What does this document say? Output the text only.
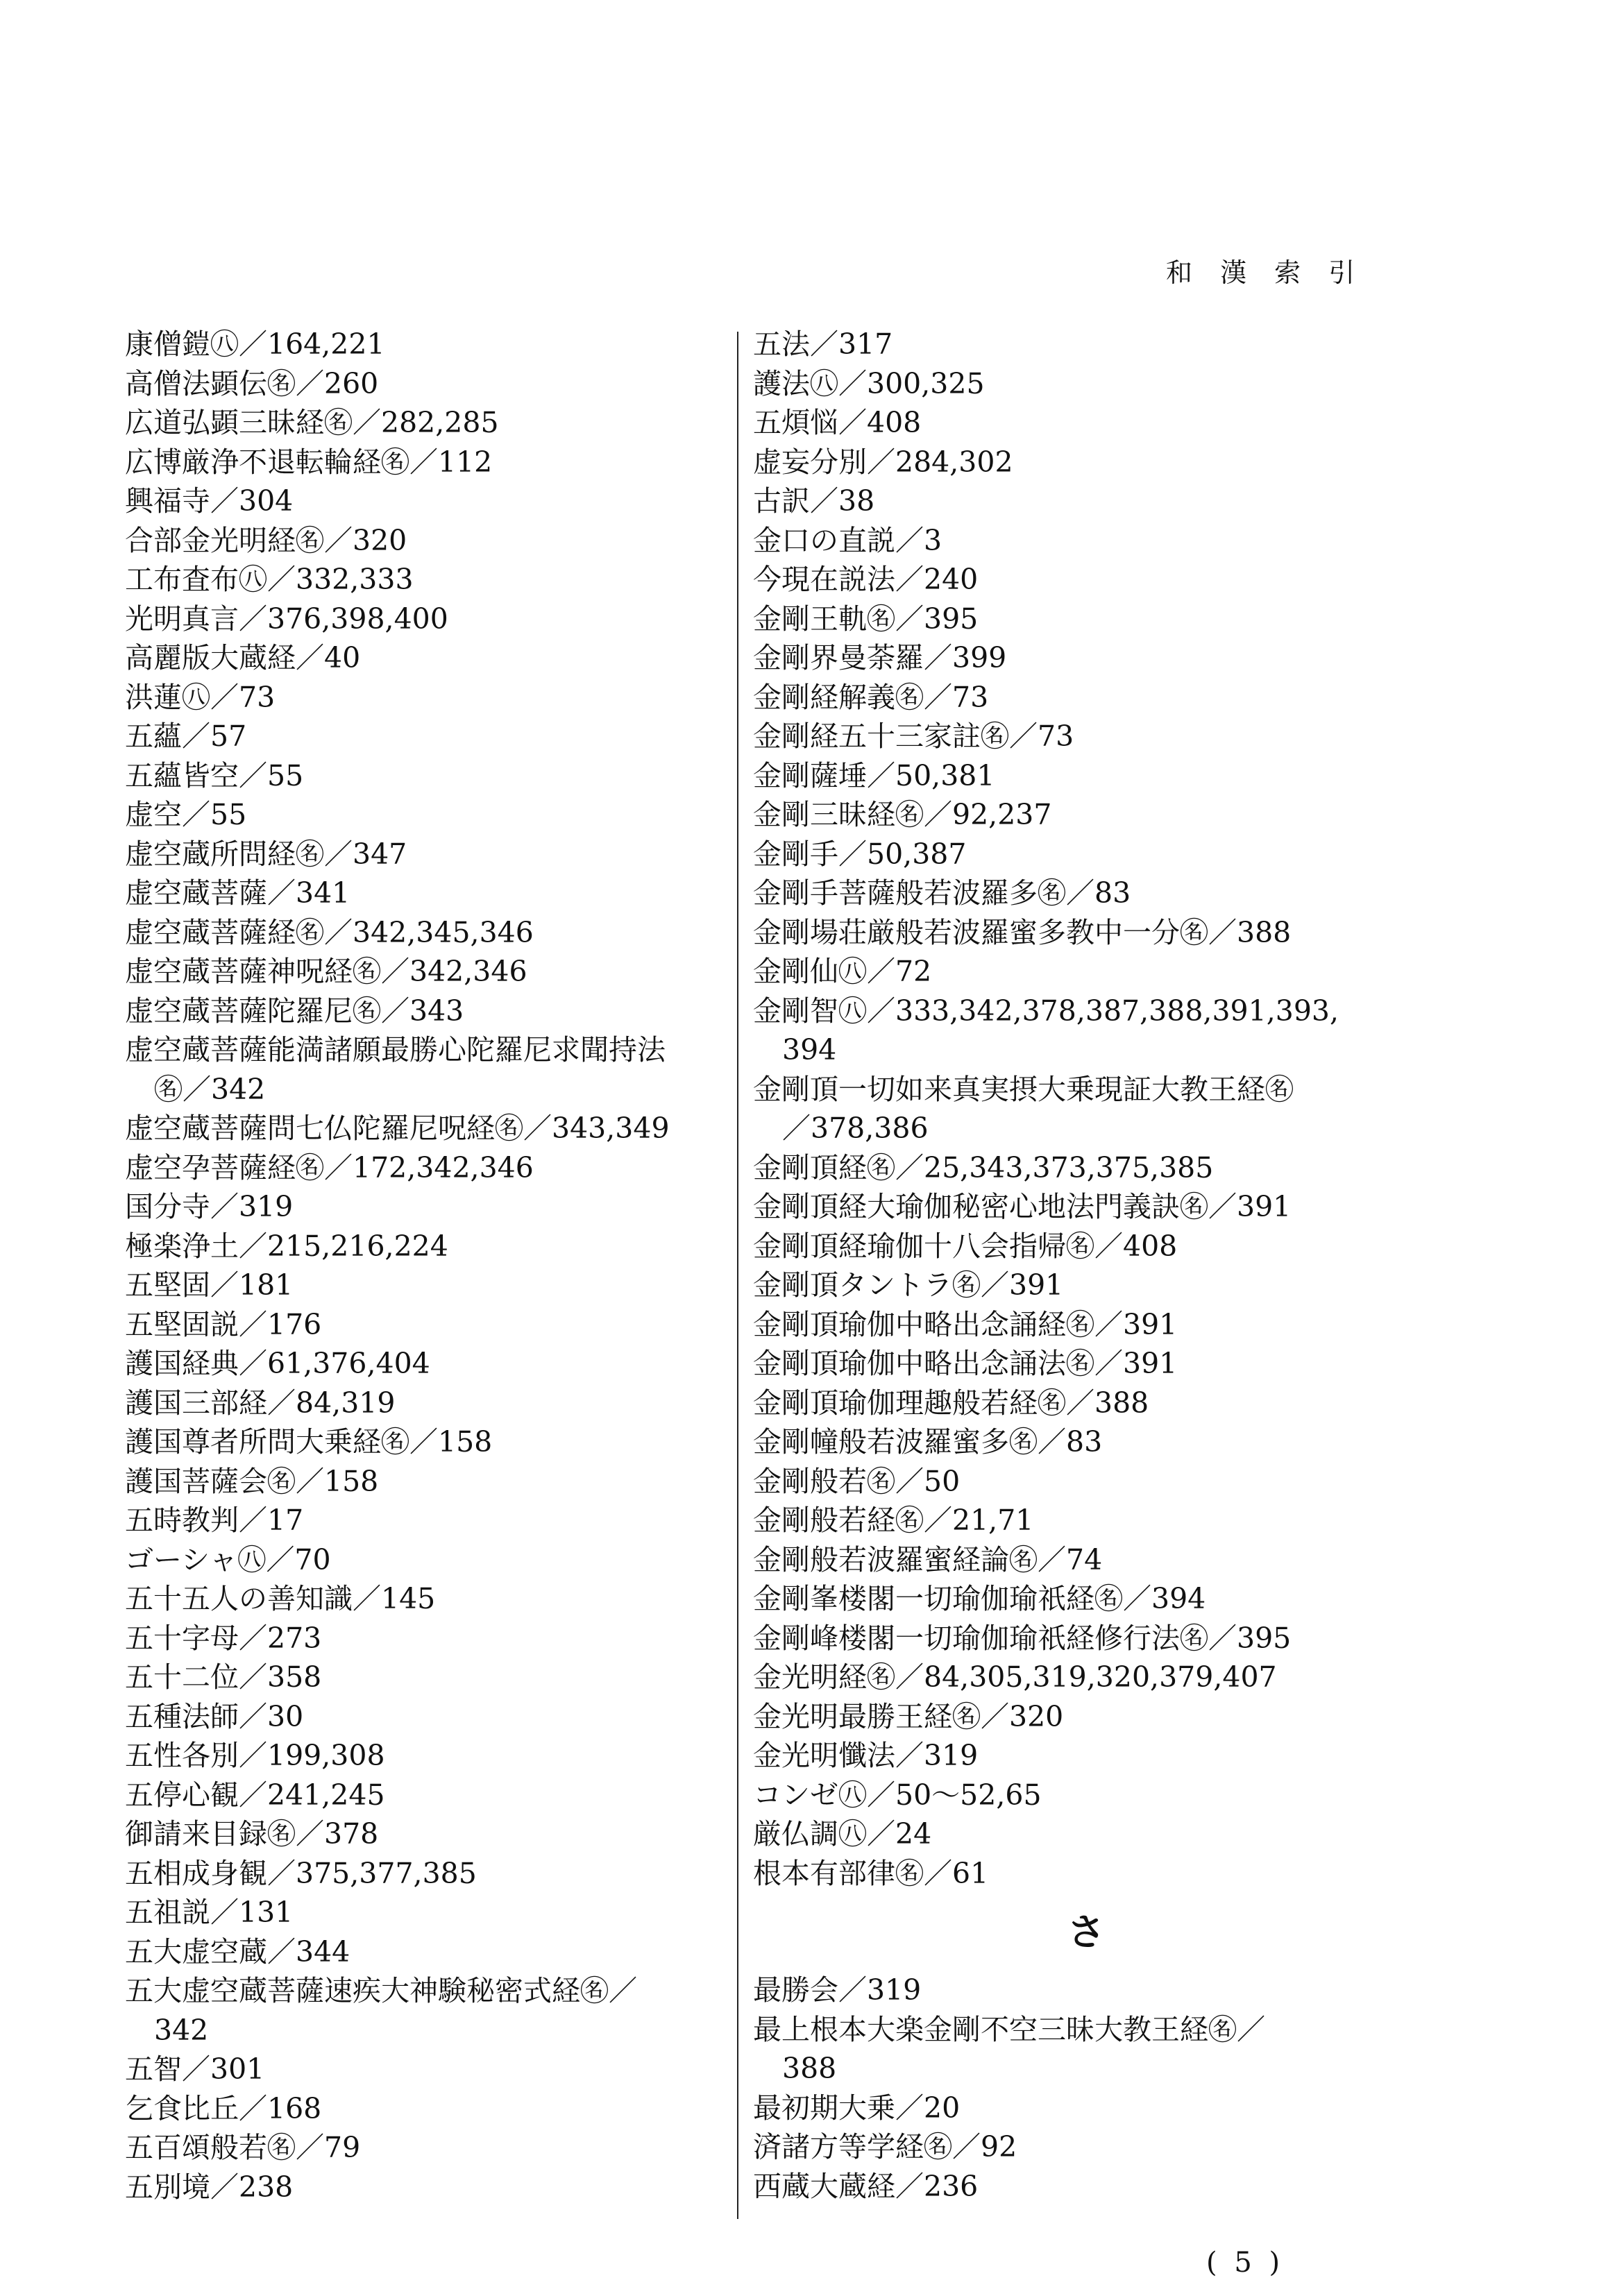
和 漢 索 引
康僧鎧㊇／164,221
高僧法顕伝㊔／260
広道弘顕三昧経㊔／282,285
広博厳浄不退転輪経㊔／112
興福寺／304
合部金光明経㊔／320
工布査布㊇／332,333
光明真言／376,398,400
高麗版大蔵経／40
洪蓮㊇／73
五蘊／57
五蘊皆空／55
虚空／55
虚空蔵所問経㊔／347
虚空蔵菩薩／341
虚空蔵菩薩経㊔／342,345,346
虚空蔵菩薩神呪経㊔／342,346
虚空蔵菩薩陀羅尼㊔／343
虚空蔵菩薩能満諸願最勝心陀羅尼求聞持法
㊔／342
虚空蔵菩薩問七仏陀羅尼呪経㊔／343,349
虚空孕菩薩経㊔／172,342,346
国分寺／319
極楽浄土／215,216,224
五堅固／181
五堅固説／176
護国経典／61,376,404
護国三部経／84,319
護国尊者所問大乗経㊔／158
護国菩薩会㊔／158
五時教判／17
ゴーシャ㊇／70
五十五人の善知識／145
五十字母／273
五十二位／358
五種法師／30
五性各別／199,308
五停心観／241,245
御請来目録㊔／378
五相成身観／375,377,385
五祖説／131
五大虚空蔵／344
五大虚空蔵菩薩速疾大神験秘密式経㊔／
342
五智／301
乞食比丘／168
五百頌般若㊔／79
五別境／238
五法／317
護法㊇／300,325
五煩悩／408
虚妄分別／284,302
古訳／38
金口の直説／3
今現在説法／240
金剛王軌㊔／395
金剛界曼荼羅／399
金剛経解義㊔／73
金剛経五十三家註㊔／73
金剛薩埵／50,381
金剛三昧経㊔／92,237
金剛手／50,387
金剛手菩薩般若波羅多㊔／83
金剛場荘厳般若波羅蜜多教中一分㊔／388
金剛仙㊇／72
金剛智㊇／333,342,378,387,388,391,393,
394
金剛頂一切如来真実摂大乗現証大教王経㊔
／378,386
金剛頂経㊔／25,343,373,375,385
金剛頂経大瑜伽秘密心地法門義訣㊔／391
金剛頂経瑜伽十八会指帰㊔／408
金剛頂タントラ㊔／391
金剛頂瑜伽中略出念誦経㊔／391
金剛頂瑜伽中略出念誦法㊔／391
金剛頂瑜伽理趣般若経㊔／388
金剛幢般若波羅蜜多㊔／83
金剛般若㊔／50
金剛般若経㊔／21,71
金剛般若波羅蜜経論㊔／74
金剛峯楼閣一切瑜伽瑜祇経㊔／394
金剛峰楼閣一切瑜伽瑜祇経修行法㊔／395
金光明経㊔／84,305,319,320,379,407
金光明最勝王経㊔／320
金光明懺法／319
コンゼ㊇／50～52,65
厳仏調㊇／24
根本有部律㊔／61
さ
最勝会／319
最上根本大楽金剛不空三昧大教王経㊔／
388
最初期大乗／20
済諸方等学経㊔／92
西蔵大蔵経／236
( 5 )
